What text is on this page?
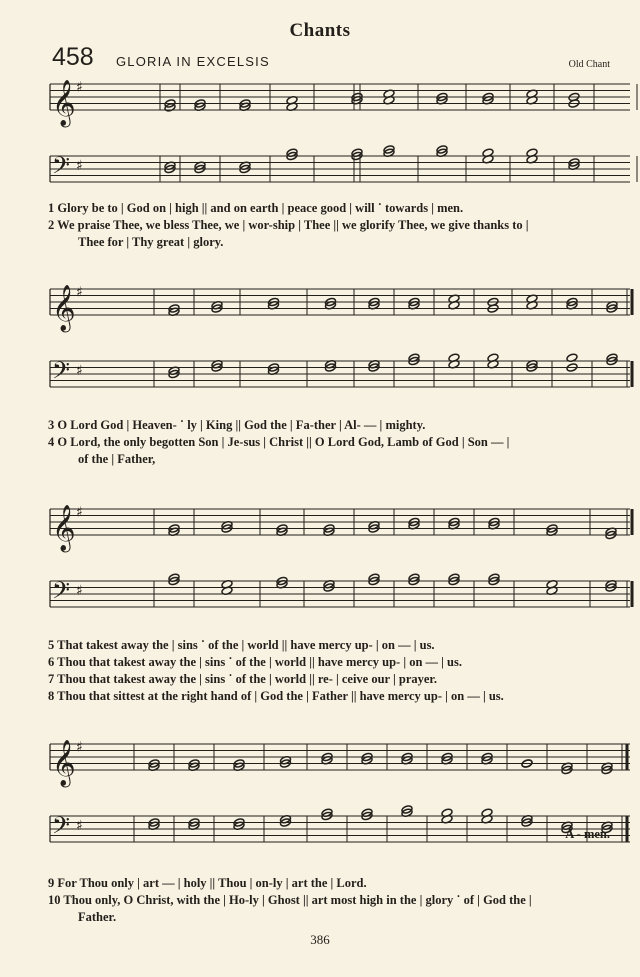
Chants
458 GLORIA IN EXCELSIS	Old Chant
𝄞
𝄢
♯
♯
1 Glory be to | God on | high || and on earth | peace good | will ˙ towards | men.
2 We praise Thee, we bless Thee, we | wor-ship | Thee || we glorify Thee, we give thanks to |
Thee for | Thy great | glory.
𝄞
𝄢
♯
♯
3 O Lord God | Heaven- ˙ ly | King || God the | Fa-ther | Al- — | mighty.
4 O Lord, the only begotten Son | Je-sus | Christ || O Lord God, Lamb of God | Son — |
of the | Father,
𝄞
𝄢
♯
♯
5 That takest away the | sins ˙ of the | world || have mercy up- | on — | us.
6 Thou that takest away the | sins ˙ of the | world || have mercy up- | on — | us.
7 Thou that takest away the | sins ˙ of the | world || re- | ceive our | prayer.
8 Thou that sittest at the right hand of | God the | Father || have mercy up- | on — | us.
𝄞
𝄢
♯
♯
A - men.
9 For Thou only | art — | holy || Thou | on-ly | art the | Lord.
10 Thou only, O Christ, with the | Ho-ly | Ghost || art most high in the | glory ˙ of | God the |
Father.
386
